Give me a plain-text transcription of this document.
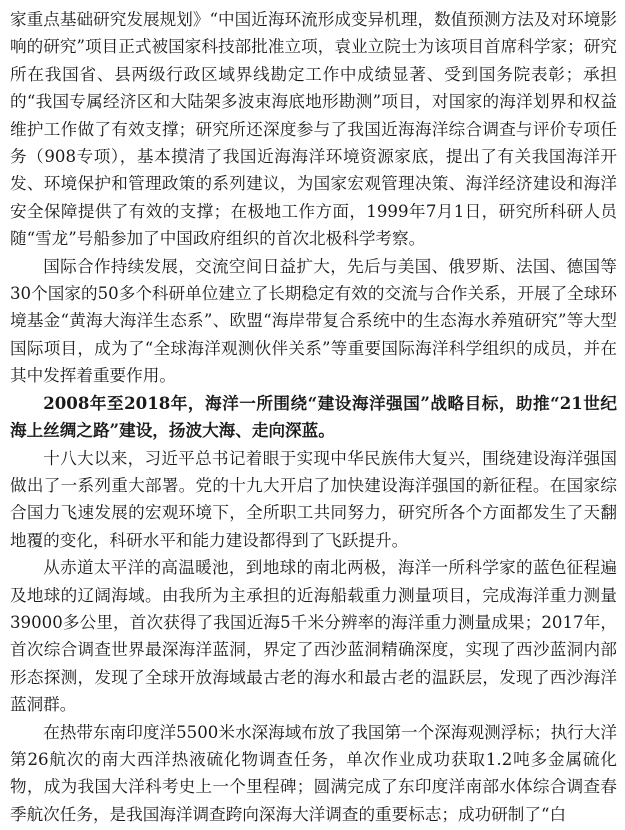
家重点基础研究发展规划》“中国近海环流形成变异机理，数值预测方法及对环境影响的研究”项目正式被国家科技部批准立项，袁业立院士为该项目首席科学家；研究所在我国省、县两级行政区域界线勘定工作中成绩显著、受到国务院表彰；承担的“我国专属经济区和大陆架多波束海底地形勘测”项目，对国家的海洋划界和权益维护工作做了有效支撑；研究所还深度参与了我国近海海洋综合调查与评价专项任务（908专项），基本摸清了我国近海海洋环境资源家底，提出了有关我国海洋开发、环境保护和管理政策的系列建议，为国家宏观管理决策、海洋经济建设和海洋安全保障提供了有效的支撑；在极地工作方面，1999年7月1日，研究所科研人员随“雪龙”号船参加了中国政府组织的首次北极科学考察。

国际合作持续发展，交流空间日益扩大，先后与美国、俄罗斯、法国、德国等30个国家的50多个科研单位建立了长期稳定有效的交流与合作关系，开展了全球环境基金“黄海大海洋生态系”、欧盟“海岸带复合系统中的生态海水养殖研究”等大型国际项目，成为了“全球海洋观测伙伴关系”等重要国际海洋科学组织的成员，并在其中发挥着重要作用。

2008年至2018年，海洋一所围绕“建设海洋强国”战略目标，助推“21世纪海上丝绸之路”建设，扬波大海、走向深蓝。

十八大以来，习近平总书记着眼于实现中华民族伟大复兴，围绕建设海洋强国做出了一系列重大部署。党的十九大开启了加快建设海洋强国的新征程。在国家综合国力飞速发展的宏观环境下，全所职工共同努力，研究所各个方面都发生了天翻地覆的变化，科研水平和能力建设都得到了飞跃提升。

从赤道太平洋的高温暖池，到地球的南北两极，海洋一所科学家的蓝色征程遍及地球的辽阔海域。由我所为主承担的近海船载重力测量项目，完成海洋重力测量39000多公里，首次获得了我国近海5千米分辨率的海洋重力测量成果；2017年，首次综合调查世界最深海洋蓝洞，界定了西沙蓝洞精确深度，实现了西沙蓝洞内部形态探测，发现了全球开放海域最古老的海水和最古老的温跃层，发现了西沙海洋蓝洞群。

在热带东南印度洋5500米水深海域布放了我国第一个深海观测浮标；执行大洋第26航次的南大西洋热液硫化物调查任务，单次作业成功获取1.2吨多金属硫化物，成为我国大洋科考史上一个里程碑；圆满完成了东印度洋南部水体综合调查春季航次任务，是我国海洋调查跨向深海大洋调查的重要标志；成功研制了“白
